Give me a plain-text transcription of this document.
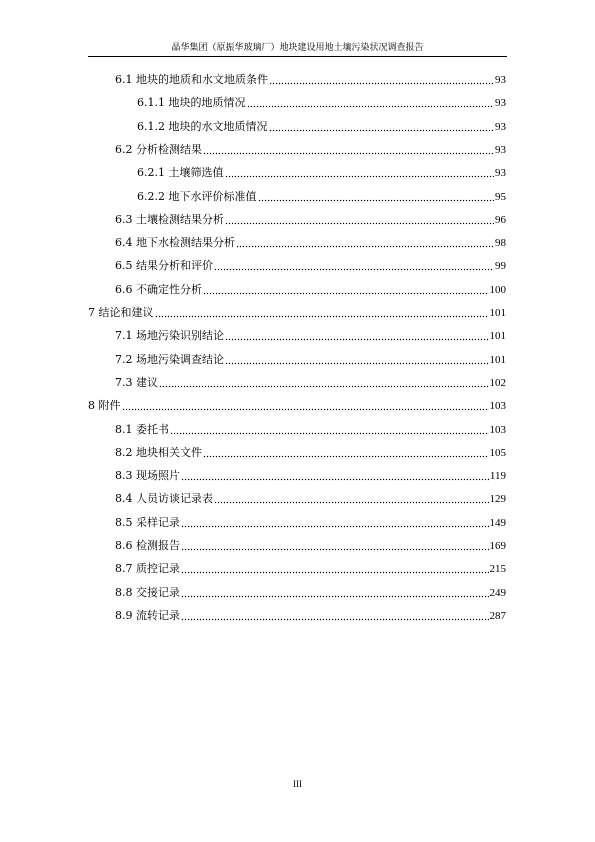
晶华集团（原振华玻璃厂）地块建设用地土壤污染状况调查报告
6.1 地块的地质和水文地质条件	93
6.1.1 地块的地质情况	93
6.1.2 地块的水文地质情况	93
6.2 分析检测结果	93
6.2.1 土壤筛选值	93
6.2.2 地下水评价标准值	95
6.3 土壤检测结果分析	96
6.4 地下水检测结果分析	98
6.5 结果分析和评价	99
6.6 不确定性分析	100
7 结论和建议	101
7.1 场地污染识别结论	101
7.2 场地污染调查结论	101
7.3 建议	102
8 附件	103
8.1 委托书	103
8.2 地块相关文件	105
8.3 现场照片	119
8.4 人员访谈记录表	129
8.5 采样记录	149
8.6 检测报告	169
8.7 质控记录	215
8.8 交接记录	249
8.9 流转记录	287
III
